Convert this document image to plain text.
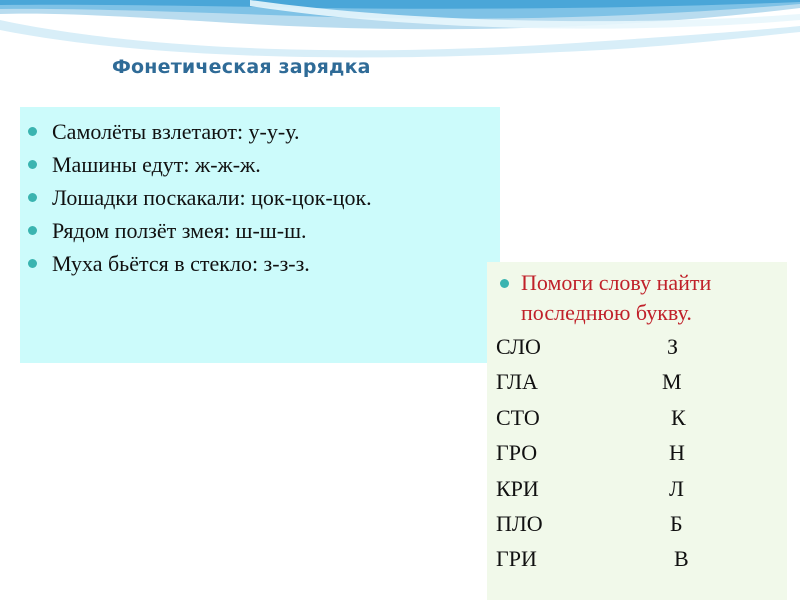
Фонетическая зарядка
Самолёты взлетают: у-у-у.
Машины едут: ж-ж-ж.
Лошадки поскакали: цок-цок-цок.
Рядом ползёт змея: ш-ш-ш.
Муха бьётся в стекло: з-з-з.
Помоги слову найти последнюю букву.
СЛО	З
ГЛА	М
СТО	К
ГРО	Н
КРИ	Л
ПЛО	Б
ГРИ	В
